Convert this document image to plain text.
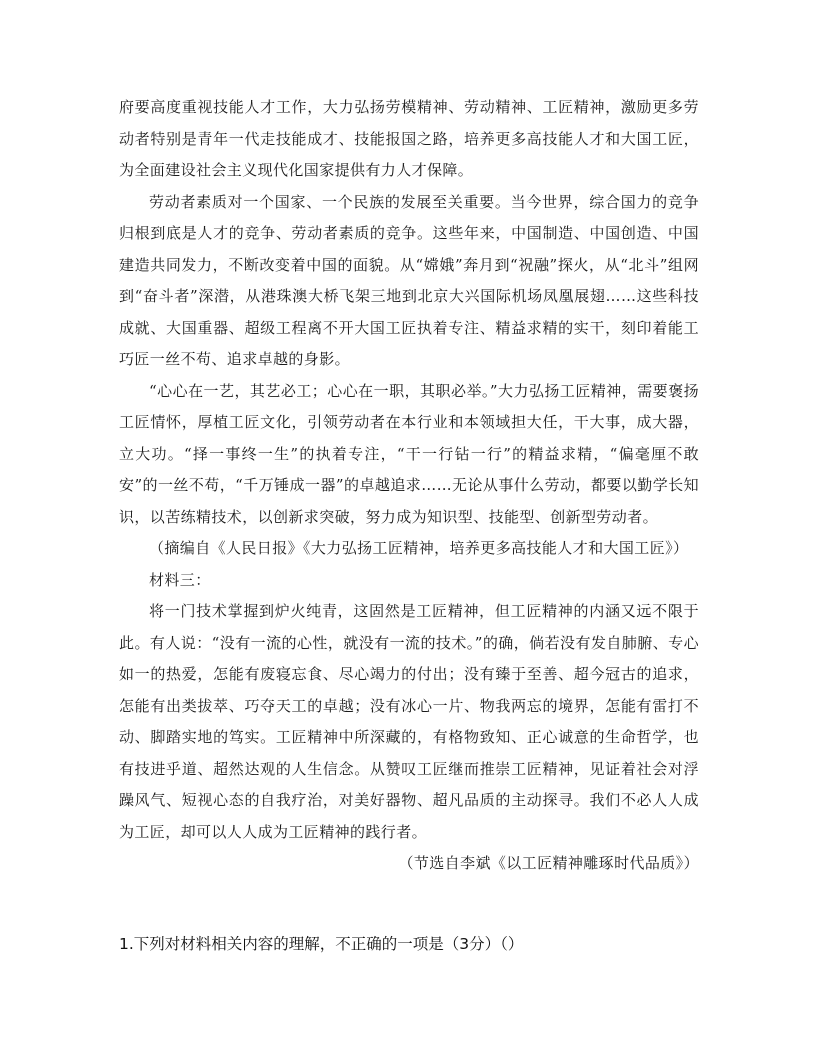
府要高度重视技能人才工作，大力弘扬劳模精神、劳动精神、工匠精神，激励更多劳动者特别是青年一代走技能成才、技能报国之路，培养更多高技能人才和大国工匠，为全面建设社会主义现代化国家提供有力人才保障。

劳动者素质对一个国家、一个民族的发展至关重要。当今世界，综合国力的竞争归根到底是人才的竞争、劳动者素质的竞争。这些年来，中国制造、中国创造、中国建造共同发力，不断改变着中国的面貌。从“嫦娥”奔月到“祝融”探火，从“北斗”组网到“奋斗者”深潜，从港珠澳大桥飞架三地到北京大兴国际机场凤凰展翅……这些科技成就、大国重器、超级工程离不开大国工匠执着专注、精益求精的实干，刻印着能工巧匠一丝不苟、追求卓越的身影。

“心心在一艺，其艺必工；心心在一职，其职必举。”大力弘扬工匠精神，需要褒扬工匠情怀，厚植工匠文化，引领劳动者在本行业和本领域担大任，干大事，成大器，立大功。“择一事终一生”的执着专注，“干一行钻一行”的精益求精，“偏毫厘不敢安”的一丝不苟，“千万锤成一器”的卓越追求……无论从事什么劳动，都要以勤学长知识，以苦练精技术，以创新求突破，努力成为知识型、技能型、创新型劳动者。

（摘编自《人民日报》《大力弘扬工匠精神，培养更多高技能人才和大国工匠》）

材料三：

将一门技术掌握到炉火纯青，这固然是工匠精神，但工匠精神的内涵又远不限于此。有人说：“没有一流的心性，就没有一流的技术。”的确，倘若没有发自肺腑、专心如一的热爱，怎能有废寝忘食、尽心竭力的付出；没有臻于至善、超今冠古的追求，怎能有出类拔萃、巧夺天工的卓越；没有冰心一片、物我两忘的境界，怎能有雷打不动、脚踏实地的笃实。工匠精神中所深藏的，有格物致知、正心诚意的生命哲学，也有技进乎道、超然达观的人生信念。从赞叹工匠继而推崇工匠精神，见证着社会对浮躁风气、短视心态的自我疗治，对美好器物、超凡品质的主动探寻。我们不必人人成为工匠，却可以人人成为工匠精神的践行者。

（节选自李斌《以工匠精神雕琢时代品质》）

1.下列对材料相关内容的理解，不正确的一项是（3分）（）
